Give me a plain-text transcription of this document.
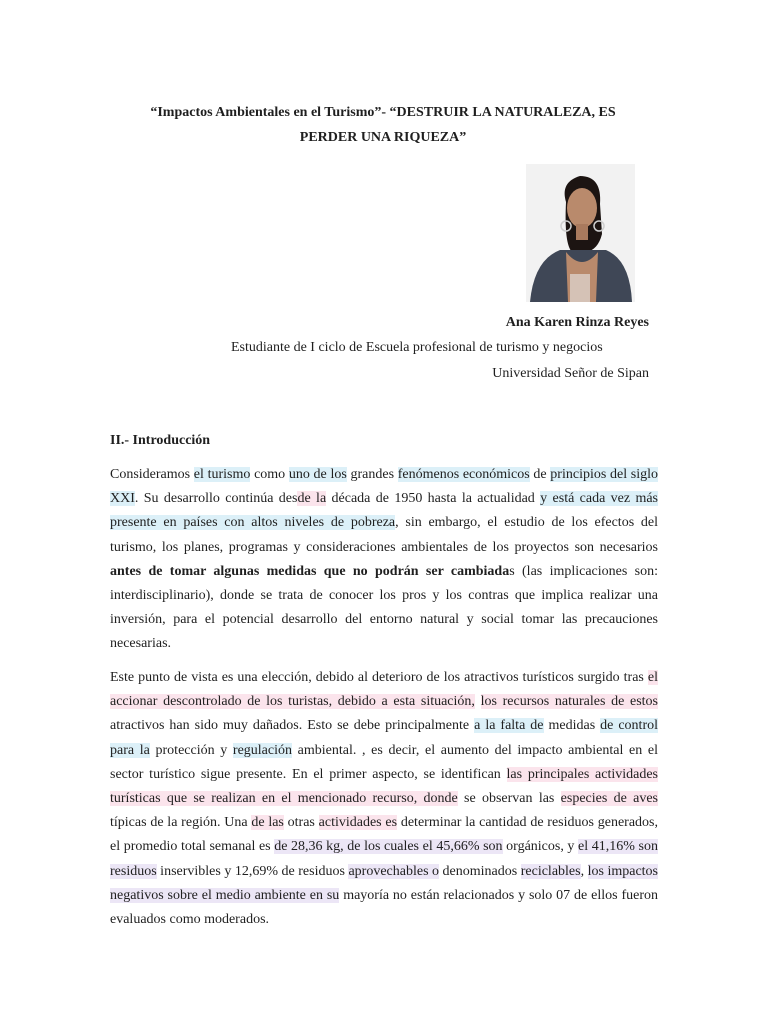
“Impactos Ambientales en el Turismo”- “DESTRUIR LA NATURALEZA, ES
PERDER UNA RIQUEZA”
Ana Karen Rinza Reyes
Estudiante de I ciclo de Escuela profesional de turismo y negocios
Universidad Señor de Sipan
II.- Introducción

Consideramos el turismo como uno de los grandes fenómenos económicos de principios del siglo XXI. Su desarrollo continúa desde la década de 1950 hasta la actualidad y está cada vez más presente en países con altos niveles de pobreza, sin embargo, el estudio de los efectos del turismo, los planes, programas y consideraciones ambientales de los proyectos son necesarios antes de tomar algunas medidas que no podrán ser cambiadas (las implicaciones son: interdisciplinario), donde se trata de conocer los pros y los contras que implica realizar una inversión, para el potencial desarrollo del entorno natural y social tomar las precauciones necesarias.

Este punto de vista es una elección, debido al deterioro de los atractivos turísticos surgido tras el accionar descontrolado de los turistas, debido a esta situación, los recursos naturales de estos atractivos han sido muy dañados. Esto se debe principalmente a la falta de medidas de control para la protección y regulación ambiental. , es decir, el aumento del impacto ambiental en el sector turístico sigue presente. En el primer aspecto, se identifican las principales actividades turísticas que se realizan en el mencionado recurso, donde se observan las especies de aves típicas de la región. Una de las otras actividades es determinar la cantidad de residuos generados, el promedio total semanal es de 28,36 kg, de los cuales el 45,66% son orgánicos, y el 41,16% son residuos inservibles y 12,69% de residuos aprovechables o denominados reciclables, los impactos negativos sobre el medio ambiente en su mayoría no están relacionados y solo 07 de ellos fueron evaluados como moderados.
